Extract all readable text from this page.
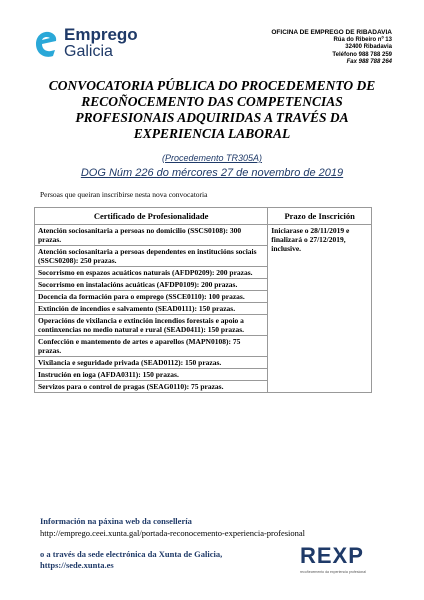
Emprego
Galicia
OFICINA DE EMPREGO DE RIBADAVIA
Rúa do Ribeiro nº 13
32400 Ribadavia
Teléfono 988 788 259
Fax 988 788 264
CONVOCATORIA PÚBLICA DO PROCEDEMENTO DE RECOÑOCEMENTO DAS COMPETENCIAS PROFESIONAIS ADQUIRIDAS A TRAVÉS DA EXPERIENCIA LABORAL
(Procedemento TR305A)
DOG Núm 226 do mércores 27 de novembro de 2019
Persoas que queiran inscribirse nesta nova convocatoria
Certificado de Profesionalidade	Prazo de Inscrición
Atención sociosanitaria a persoas no domicilio (SSCS0108): 300 prazas.	Iniciarase o 28/11/2019 e finalizará o 27/12/2019, inclusive.
Atención sociosanitaria a persoas dependentes en institucións sociais (SSCS0208): 250 prazas.	
Socorrismo en espazos acuáticos naturais (AFDP0209): 200 prazas.	
Socorrismo en instalacións acuáticas (AFDP0109): 200 prazas.	
Docencia da formación para o emprego (SSCE0110): 100 prazas.	
Extinción de incendios e salvamento (SEAD0111): 150 prazas.	
Operacións de vixilancia e extinción incendios forestais e apoio a continxencias no medio natural e rural (SEAD0411): 150 prazas.	
Confección e mantemento de artes e aparellos (MAPN0108): 75 prazas.	
Vixilancia e seguridade privada (SEAD0112): 150 prazas.	
Instrución en ioga (AFDA0311): 150 prazas.	
Servizos para o control de pragas (SEAG0110): 75 prazas.	
Información na páxina web da consellería
http://emprego.ceei.xunta.gal/portada-reconocemento-experiencia-profesional
o a través da sede electrónica da Xunta de Galicia,
https://sede.xunta.es	REXP
recoñecemento da experiencia profesional
